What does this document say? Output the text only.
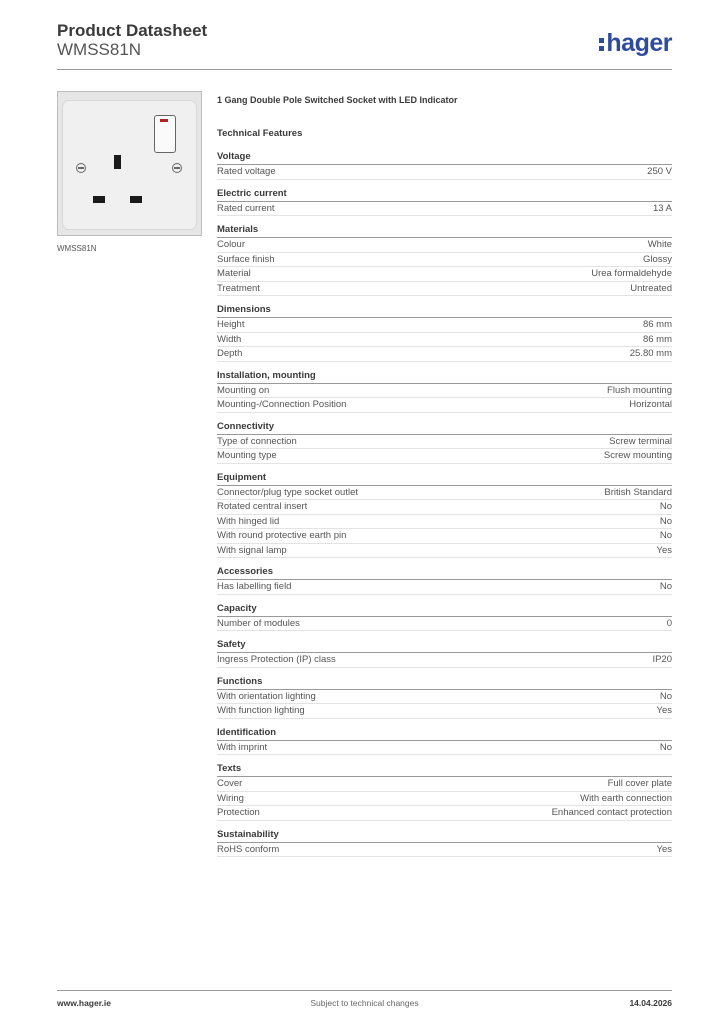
Product Datasheet
WMSS81N	hager
WMSS81N
1 Gang Double Pole Switched Socket with LED Indicator
Technical Features
Voltage
Rated voltage	250 V
Electric current
Rated current	13 A
Materials
Colour	White
Surface finish	Glossy
Material	Urea formaldehyde
Treatment	Untreated
Dimensions
Height	86 mm
Width	86 mm
Depth	25.80 mm
Installation, mounting
Mounting on	Flush mounting
Mounting-/Connection Position	Horizontal
Connectivity
Type of connection	Screw terminal
Mounting type	Screw mounting
Equipment
Connector/plug type socket outlet	British Standard
Rotated central insert	No
With hinged lid	No
With round protective earth pin	No
With signal lamp	Yes
Accessories
Has labelling field	No
Capacity
Number of modules	0
Safety
Ingress Protection (IP) class	IP20
Functions
With orientation lighting	No
With function lighting	Yes
Identification
With imprint	No
Texts
Cover	Full cover plate
Wiring	With earth connection
Protection	Enhanced contact protection
Sustainability
RoHS conform	Yes
www.hager.ie	Subject to technical changes	14.04.2026
